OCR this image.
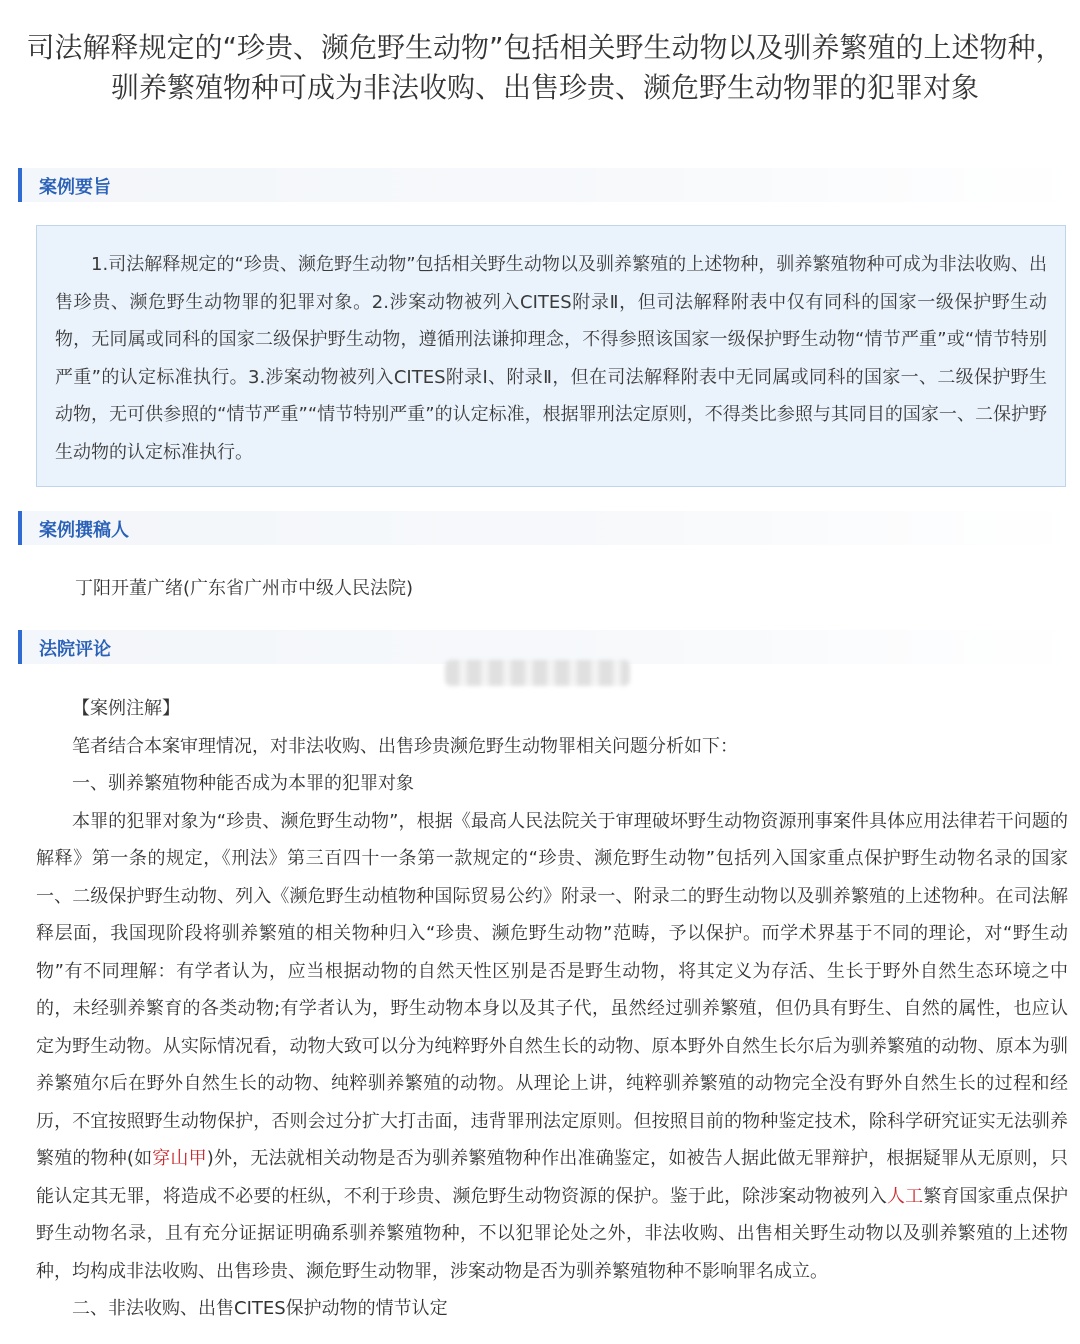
司法解释规定的“珍贵、濒危野生动物”包括相关野生动物以及驯养繁殖的上述物种，
驯养繁殖物种可成为非法收购、出售珍贵、濒危野生动物罪的犯罪对象
案例要旨

1.司法解释规定的“珍贵、濒危野生动物”包括相关野生动物以及驯养繁殖的上述物种，驯养繁殖物种可成为非法收购、出售珍贵、濒危野生动物罪的犯罪对象。2.涉案动物被列入CITES附录Ⅱ，但司法解释附表中仅有同科的国家一级保护野生动物，无同属或同科的国家二级保护野生动物，遵循刑法谦抑理念，不得参照该国家一级保护野生动物“情节严重”或“情节特别严重”的认定标准执行。3.涉案动物被列入CITES附录Ⅰ、附录Ⅱ，但在司法解释附表中无同属或同科的国家一、二级保护野生动物，无可供参照的“情节严重”“情节特别严重”的认定标准，根据罪刑法定原则，不得类比参照与其同目的国家一、二保护野生动物的认定标准执行。

案例撰稿人
丁阳开董广绪(广东省广州市中级人民法院)
法院评论

【案例注解】

笔者结合本案审理情况，对非法收购、出售珍贵濒危野生动物罪相关问题分析如下：

一、驯养繁殖物种能否成为本罪的犯罪对象

本罪的犯罪对象为“珍贵、濒危野生动物”，根据《最高人民法院关于审理破坏野生动物资源刑事案件具体应用法律若干问题的解释》第一条的规定，《刑法》第三百四十一条第一款规定的“珍贵、濒危野生动物”包括列入国家重点保护野生动物名录的国家一、二级保护野生动物、列入《濒危野生动植物种国际贸易公约》附录一、附录二的野生动物以及驯养繁殖的上述物种。在司法解释层面，我国现阶段将驯养繁殖的相关物种归入“珍贵、濒危野生动物”范畴，予以保护。而学术界基于不同的理论，对“野生动物”有不同理解：有学者认为，应当根据动物的自然天性区别是否是野生动物，将其定义为存活、生长于野外自然生态环境之中的，未经驯养繁育的各类动物;有学者认为，野生动物本身以及其子代，虽然经过驯养繁殖，但仍具有野生、自然的属性，也应认定为野生动物。从实际情况看，动物大致可以分为纯粹野外自然生长的动物、原本野外自然生长尔后为驯养繁殖的动物、原本为驯养繁殖尔后在野外自然生长的动物、纯粹驯养繁殖的动物。从理论上讲，纯粹驯养繁殖的动物完全没有野外自然生长的过程和经历，不宜按照野生动物保护，否则会过分扩大打击面，违背罪刑法定原则。但按照目前的物种鉴定技术，除科学研究证实无法驯养繁殖的物种(如穿山甲)外，无法就相关动物是否为驯养繁殖物种作出准确鉴定，如被告人据此做无罪辩护，根据疑罪从无原则，只能认定其无罪，将造成不必要的枉纵，不利于珍贵、濒危野生动物资源的保护。鉴于此，除涉案动物被列入人工繁育国家重点保护野生动物名录，且有充分证据证明确系驯养繁殖物种，不以犯罪论处之外，非法收购、出售相关野生动物以及驯养繁殖的上述物种，均构成非法收购、出售珍贵、濒危野生动物罪，涉案动物是否为驯养繁殖物种不影响罪名成立。

二、非法收购、出售CITES保护动物的情节认定
